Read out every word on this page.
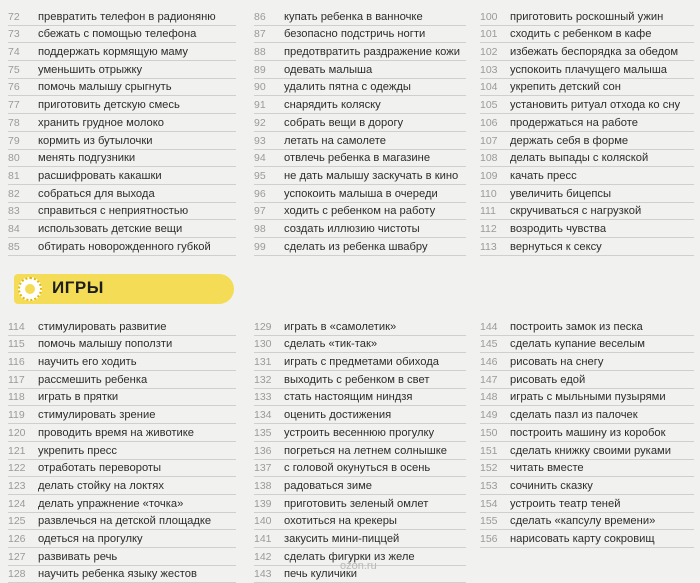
72	превратить телефон в радионяню
73	сбежать с помощью телефона
74	поддержать кормящую маму
75	уменьшить отрыжку
76	помочь малышу срыгнуть
77	приготовить детскую смесь
78	хранить грудное молоко
79	кормить из бутылочки
80	менять подгузники
81	расшифровать какашки
82	собраться для выхода
83	справиться с неприятностью
84	использовать детские вещи
85	обтирать новорожденного губкой
86	купать ребенка в ванночке
87	безопасно подстричь ногти
88	предотвратить раздражение кожи
89	одевать малыша
90	удалить пятна с одежды
91	снарядить коляску
92	собрать вещи в дорогу
93	летать на самолете
94	отвлечь ребенка в магазине
95	не дать малышу заскучать в кино
96	успокоить малыша в очереди
97	ходить с ребенком на работу
98	создать иллюзию чистоты
99	сделать из ребенка швабру
100	приготовить роскошный ужин
101	сходить с ребенком в кафе
102	избежать беспорядка за обедом
103	успокоить плачущего малыша
104	укрепить детский сон
105	установить ритуал отхода ко сну
106	продержаться на работе
107	держать себя в форме
108	делать выпады с коляской
109	качать пресс
110	увеличить бицепсы
111	скручиваться с нагрузкой
112	возродить чувства
113	вернуться к сексу
ИГРЫ
114	стимулировать развитие
115	помочь малышу поползти
116	научить его ходить
117	рассмешить ребенка
118	играть в прятки
119	стимулировать зрение
120	проводить время на животике
121	укрепить пресс
122	отработать перевороты
123	делать стойку на локтях
124	делать упражнение «точка»
125	развлечься на детской площадке
126	одеться на прогулку
127	развивать речь
128	научить ребенка языку жестов
129	играть в «самолетик»
130	сделать «тик-так»
131	играть с предметами обихода
132	выходить с ребенком в свет
133	стать настоящим ниндзя
134	оценить достижения
135	устроить весеннюю прогулку
136	погреться на летнем солнышке
137	с головой окунуться в осень
138	радоваться зиме
139	приготовить зеленый омлет
140	охотиться на крекеры
141	закусить мини-пиццей
142	сделать фигурки из желе
143	печь куличики
144	построить замок из песка
145	сделать купание веселым
146	рисовать на снегу
147	рисовать едой
148	играть с мыльными пузырями
149	сделать пазл из палочек
150	построить машину из коробок
151	сделать книжку своими руками
152	читать вместе
153	сочинить сказку
154	устроить театр теней
155	сделать «капсулу времени»
156	нарисовать карту сокровищ
ozon.ru
